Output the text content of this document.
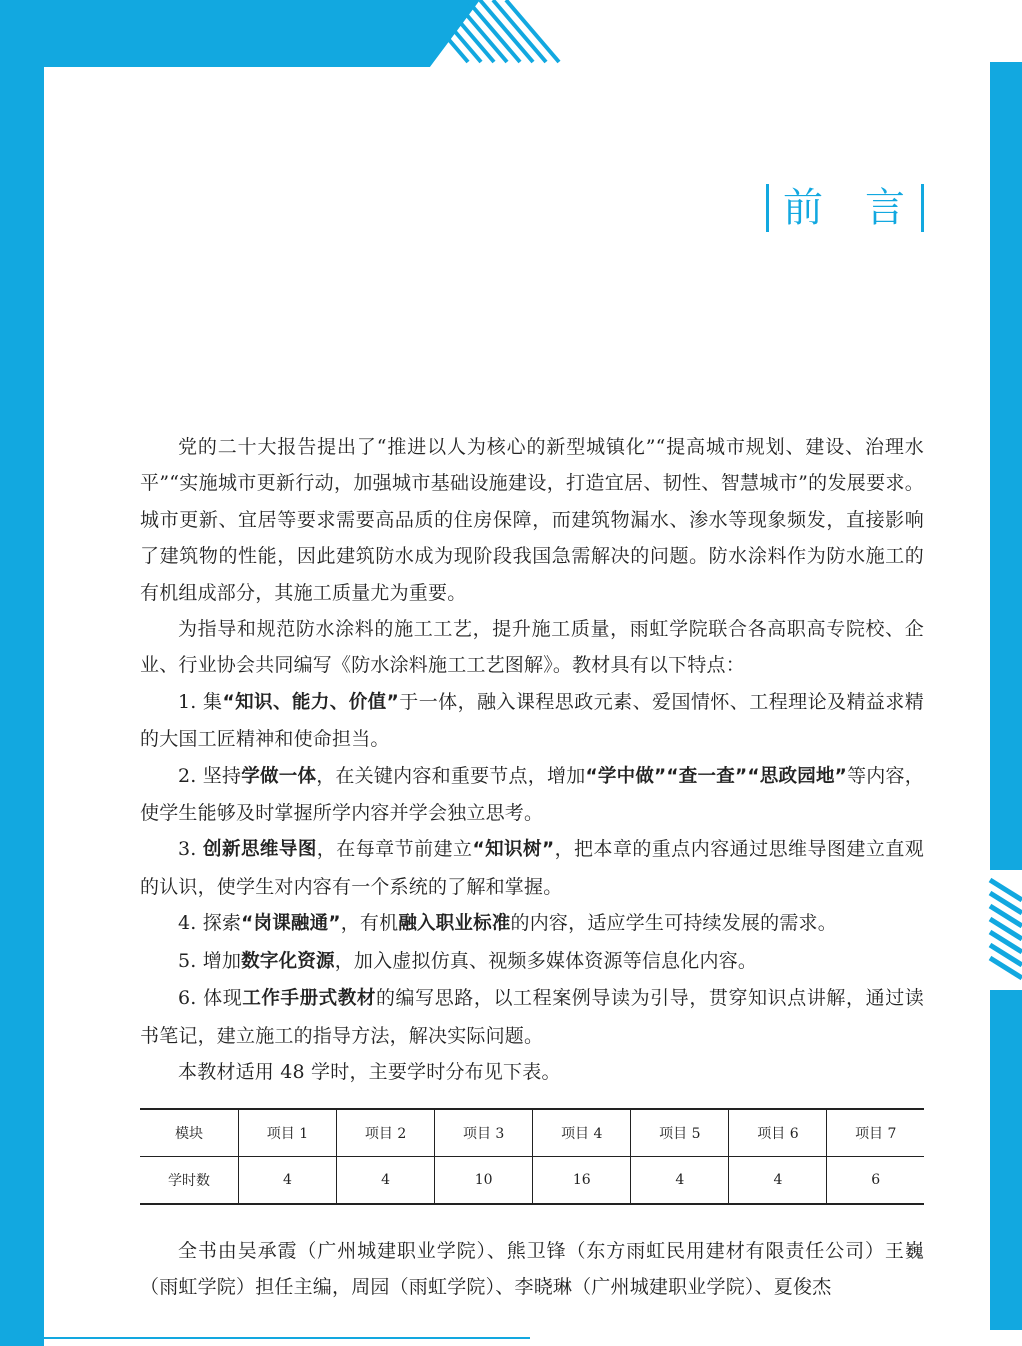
前 言

党的二十大报告提出了“推进以人为核心的新型城镇化”“提高城市规划、建设、治理水平”“实施城市更新行动，加强城市基础设施建设，打造宜居、韧性、智慧城市”的发展要求。城市更新、宜居等要求需要高品质的住房保障，而建筑物漏水、渗水等现象频发，直接影响了建筑物的性能，因此建筑防水成为现阶段我国急需解决的问题。防水涂料作为防水施工的有机组成部分，其施工质量尤为重要。

为指导和规范防水涂料的施工工艺，提升施工质量，雨虹学院联合各高职高专院校、企业、行业协会共同编写《防水涂料施工工艺图解》。教材具有以下特点：

1. 集“知识、能力、价值”于一体，融入课程思政元素、爱国情怀、工程理论及精益求精的大国工匠精神和使命担当。

2. 坚持学做一体，在关键内容和重要节点，增加“学中做”“查一查”“思政园地”等内容，使学生能够及时掌握所学内容并学会独立思考。

3. 创新思维导图，在每章节前建立“知识树”，把本章的重点内容通过思维导图建立直观的认识，使学生对内容有一个系统的了解和掌握。

4. 探索“岗课融通”，有机融入职业标准的内容，适应学生可持续发展的需求。

5. 增加数字化资源，加入虚拟仿真、视频多媒体资源等信息化内容。

6. 体现工作手册式教材的编写思路，以工程案例导读为引导，贯穿知识点讲解，通过读书笔记，建立施工的指导方法，解决实际问题。

本教材适用 48 学时，主要学时分布见下表。

模块	项目 1	项目 2	项目 3	项目 4	项目 5	项目 6	项目 7
学时数	4	4	10	16	4	4	6

全书由吴承霞（广州城建职业学院）、熊卫锋（东方雨虹民用建材有限责任公司）王巍（雨虹学院）担任主编，周园（雨虹学院）、李晓琳（广州城建职业学院）、夏俊杰
